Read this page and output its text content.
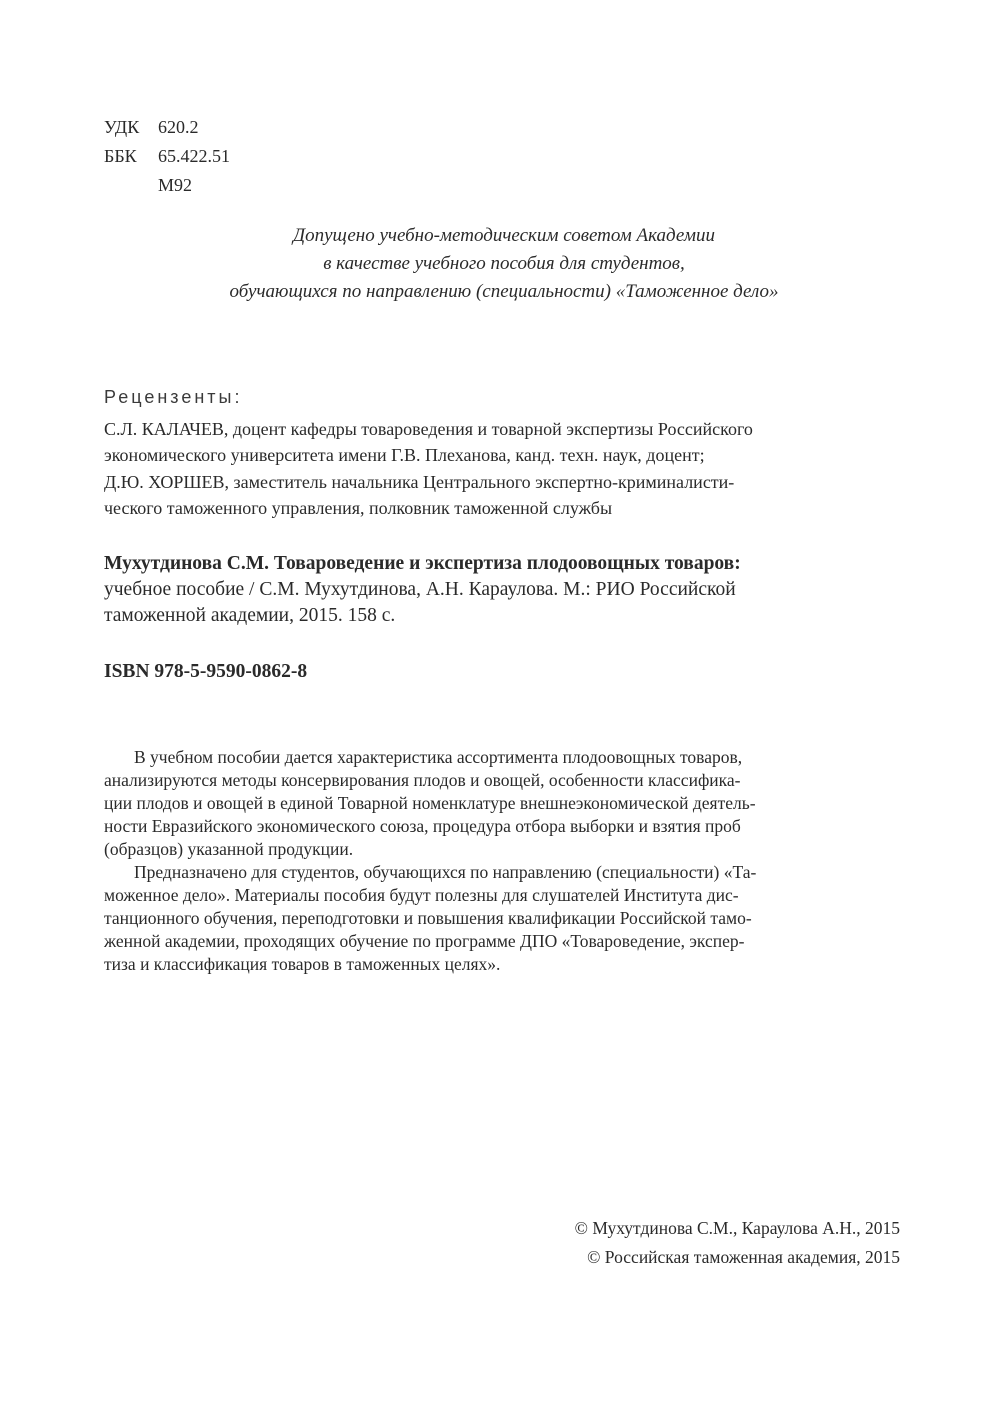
УДК	620.2
ББК	65.422.51
М92
Допущено учебно-методическим советом Академии
в качестве учебного пособия для студентов,
обучающихся по направлению (специальности) «Таможенное дело»
Рецензенты:
С.Л. КАЛАЧЕВ, доцент кафедры товароведения и товарной экспертизы Российского
экономического университета имени Г.В. Плеханова, канд. техн. наук, доцент;
Д.Ю. ХОРШЕВ, заместитель начальника Центрального экспертно-криминалисти-
ческого таможенного управления, полковник таможенной службы
Мухутдинова С.М. Товароведение и экспертиза плодоовощных товаров:
учебное пособие / С.М. Мухутдинова, А.Н. Караулова. М.: РИО Российской
таможенной академии, 2015. 158 с.
ISBN 978-5-9590-0862-8
В учебном пособии дается характеристика ассортимента плодоовощных товаров,
анализируются методы консервирования плодов и овощей, особенности классифика-
ции плодов и овощей в единой Товарной номенклатуре внешнеэкономической деятель-
ности Евразийского экономического союза, процедура отбора выборки и взятия проб
(образцов) указанной продукции.
Предназначено для студентов, обучающихся по направлению (специальности) «Та-
моженное дело». Материалы пособия будут полезны для слушателей Института дис-
танционного обучения, переподготовки и повышения квалификации Российской тамо-
женной академии, проходящих обучение по программе ДПО «Товароведение, экспер-
тиза и классификация товаров в таможенных целях».
© Мухутдинова С.М., Караулова А.Н., 2015
© Российская таможенная академия, 2015
